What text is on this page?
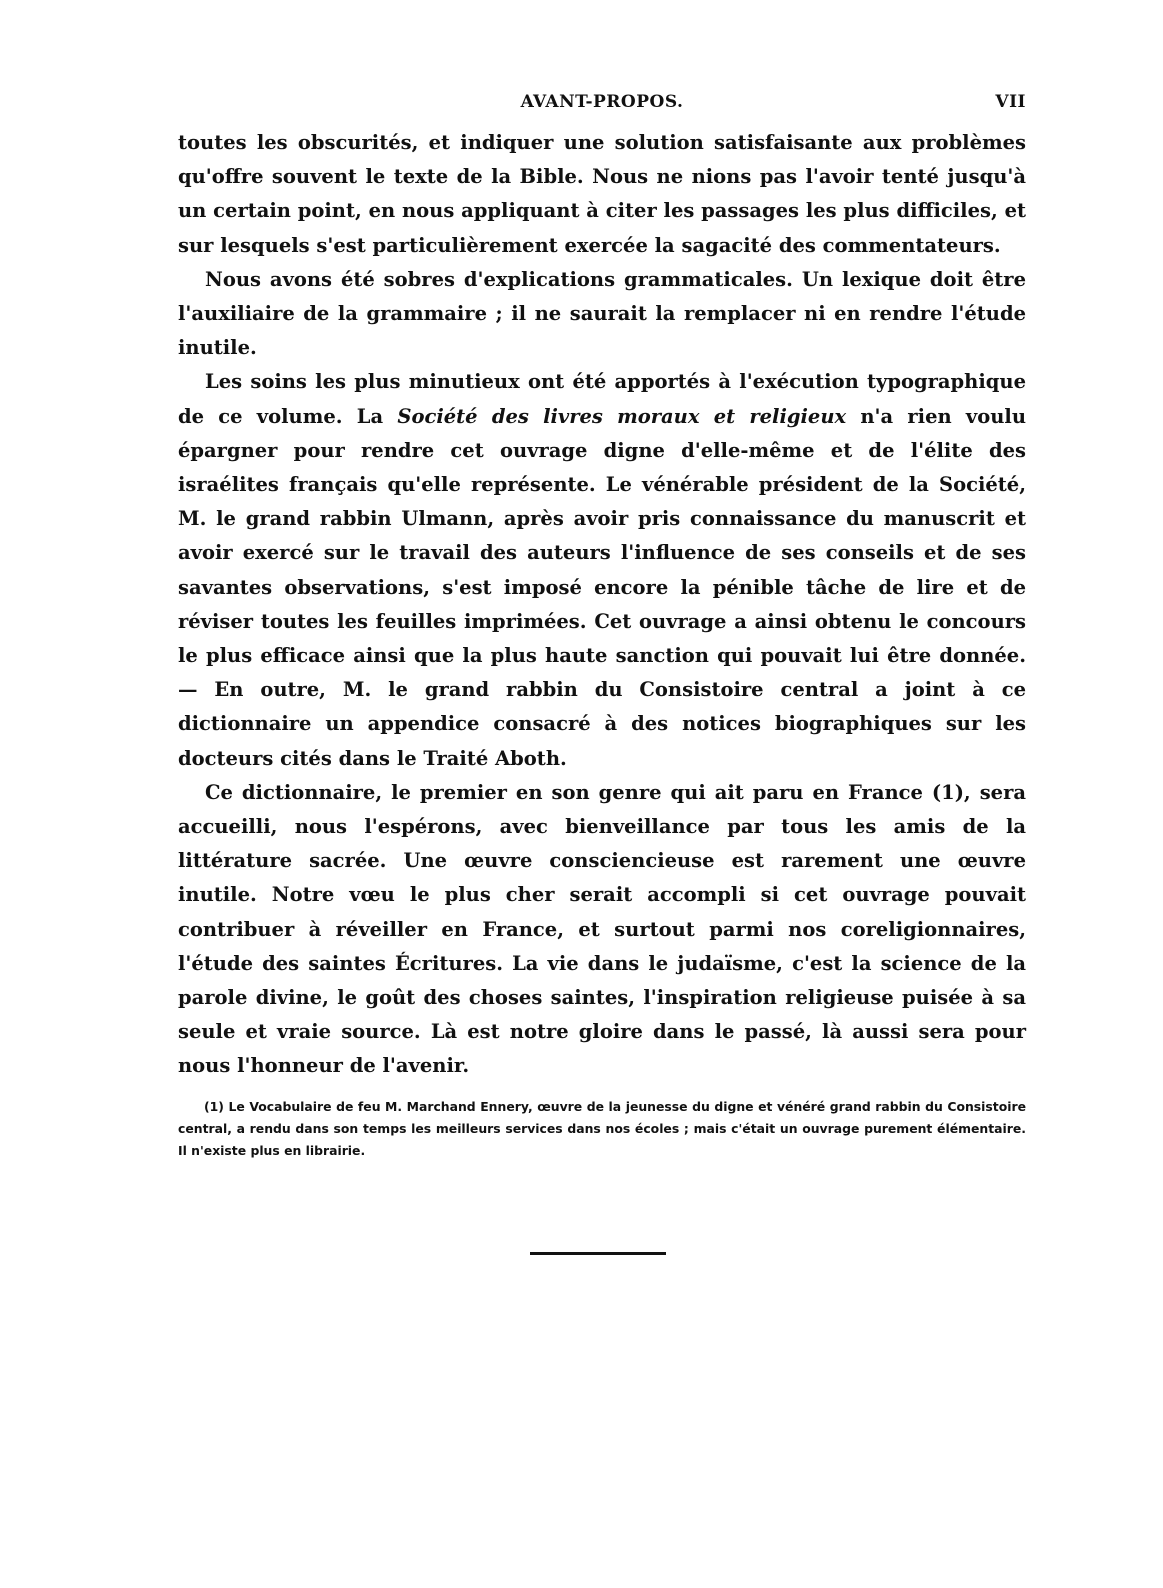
AVANT-PROPOS.	VII

toutes les obscurités, et indiquer une solution satisfaisante aux problèmes qu'offre souvent le texte de la Bible. Nous ne nions pas l'avoir tenté jusqu'à un certain point, en nous appliquant à citer les passages les plus difficiles, et sur lesquels s'est particulièrement exercée la sagacité des commentateurs.

Nous avons été sobres d'explications grammaticales. Un lexique doit être l'auxiliaire de la grammaire ; il ne saurait la remplacer ni en rendre l'étude inutile.

Les soins les plus minutieux ont été apportés à l'exécution typographique de ce volume. La Société des livres moraux et religieux n'a rien voulu épargner pour rendre cet ouvrage digne d'elle-même et de l'élite des israélites français qu'elle représente. Le vénérable président de la Société, M. le grand rabbin Ulmann, après avoir pris connaissance du manuscrit et avoir exercé sur le travail des auteurs l'influence de ses conseils et de ses savantes observations, s'est imposé encore la pénible tâche de lire et de réviser toutes les feuilles imprimées. Cet ouvrage a ainsi obtenu le concours le plus efficace ainsi que la plus haute sanction qui pouvait lui être donnée. — En outre, M. le grand rabbin du Consistoire central a joint à ce dictionnaire un appendice consacré à des notices biographiques sur les docteurs cités dans le Traité Aboth.

Ce dictionnaire, le premier en son genre qui ait paru en France (1), sera accueilli, nous l'espérons, avec bienveillance par tous les amis de la littérature sacrée. Une œuvre consciencieuse est rarement une œuvre inutile. Notre vœu le plus cher serait accompli si cet ouvrage pouvait contribuer à réveiller en France, et surtout parmi nos coreligionnaires, l'étude des saintes Écritures. La vie dans le judaïsme, c'est la science de la parole divine, le goût des choses saintes, l'inspiration religieuse puisée à sa seule et vraie source. Là est notre gloire dans le passé, là aussi sera pour nous l'honneur de l'avenir.

(1) Le Vocabulaire de feu M. Marchand Ennery, œuvre de la jeunesse du digne et vénéré grand rabbin du Consistoire central, a rendu dans son temps les meilleurs services dans nos écoles ; mais c'était un ouvrage purement élémentaire. Il n'existe plus en librairie.
